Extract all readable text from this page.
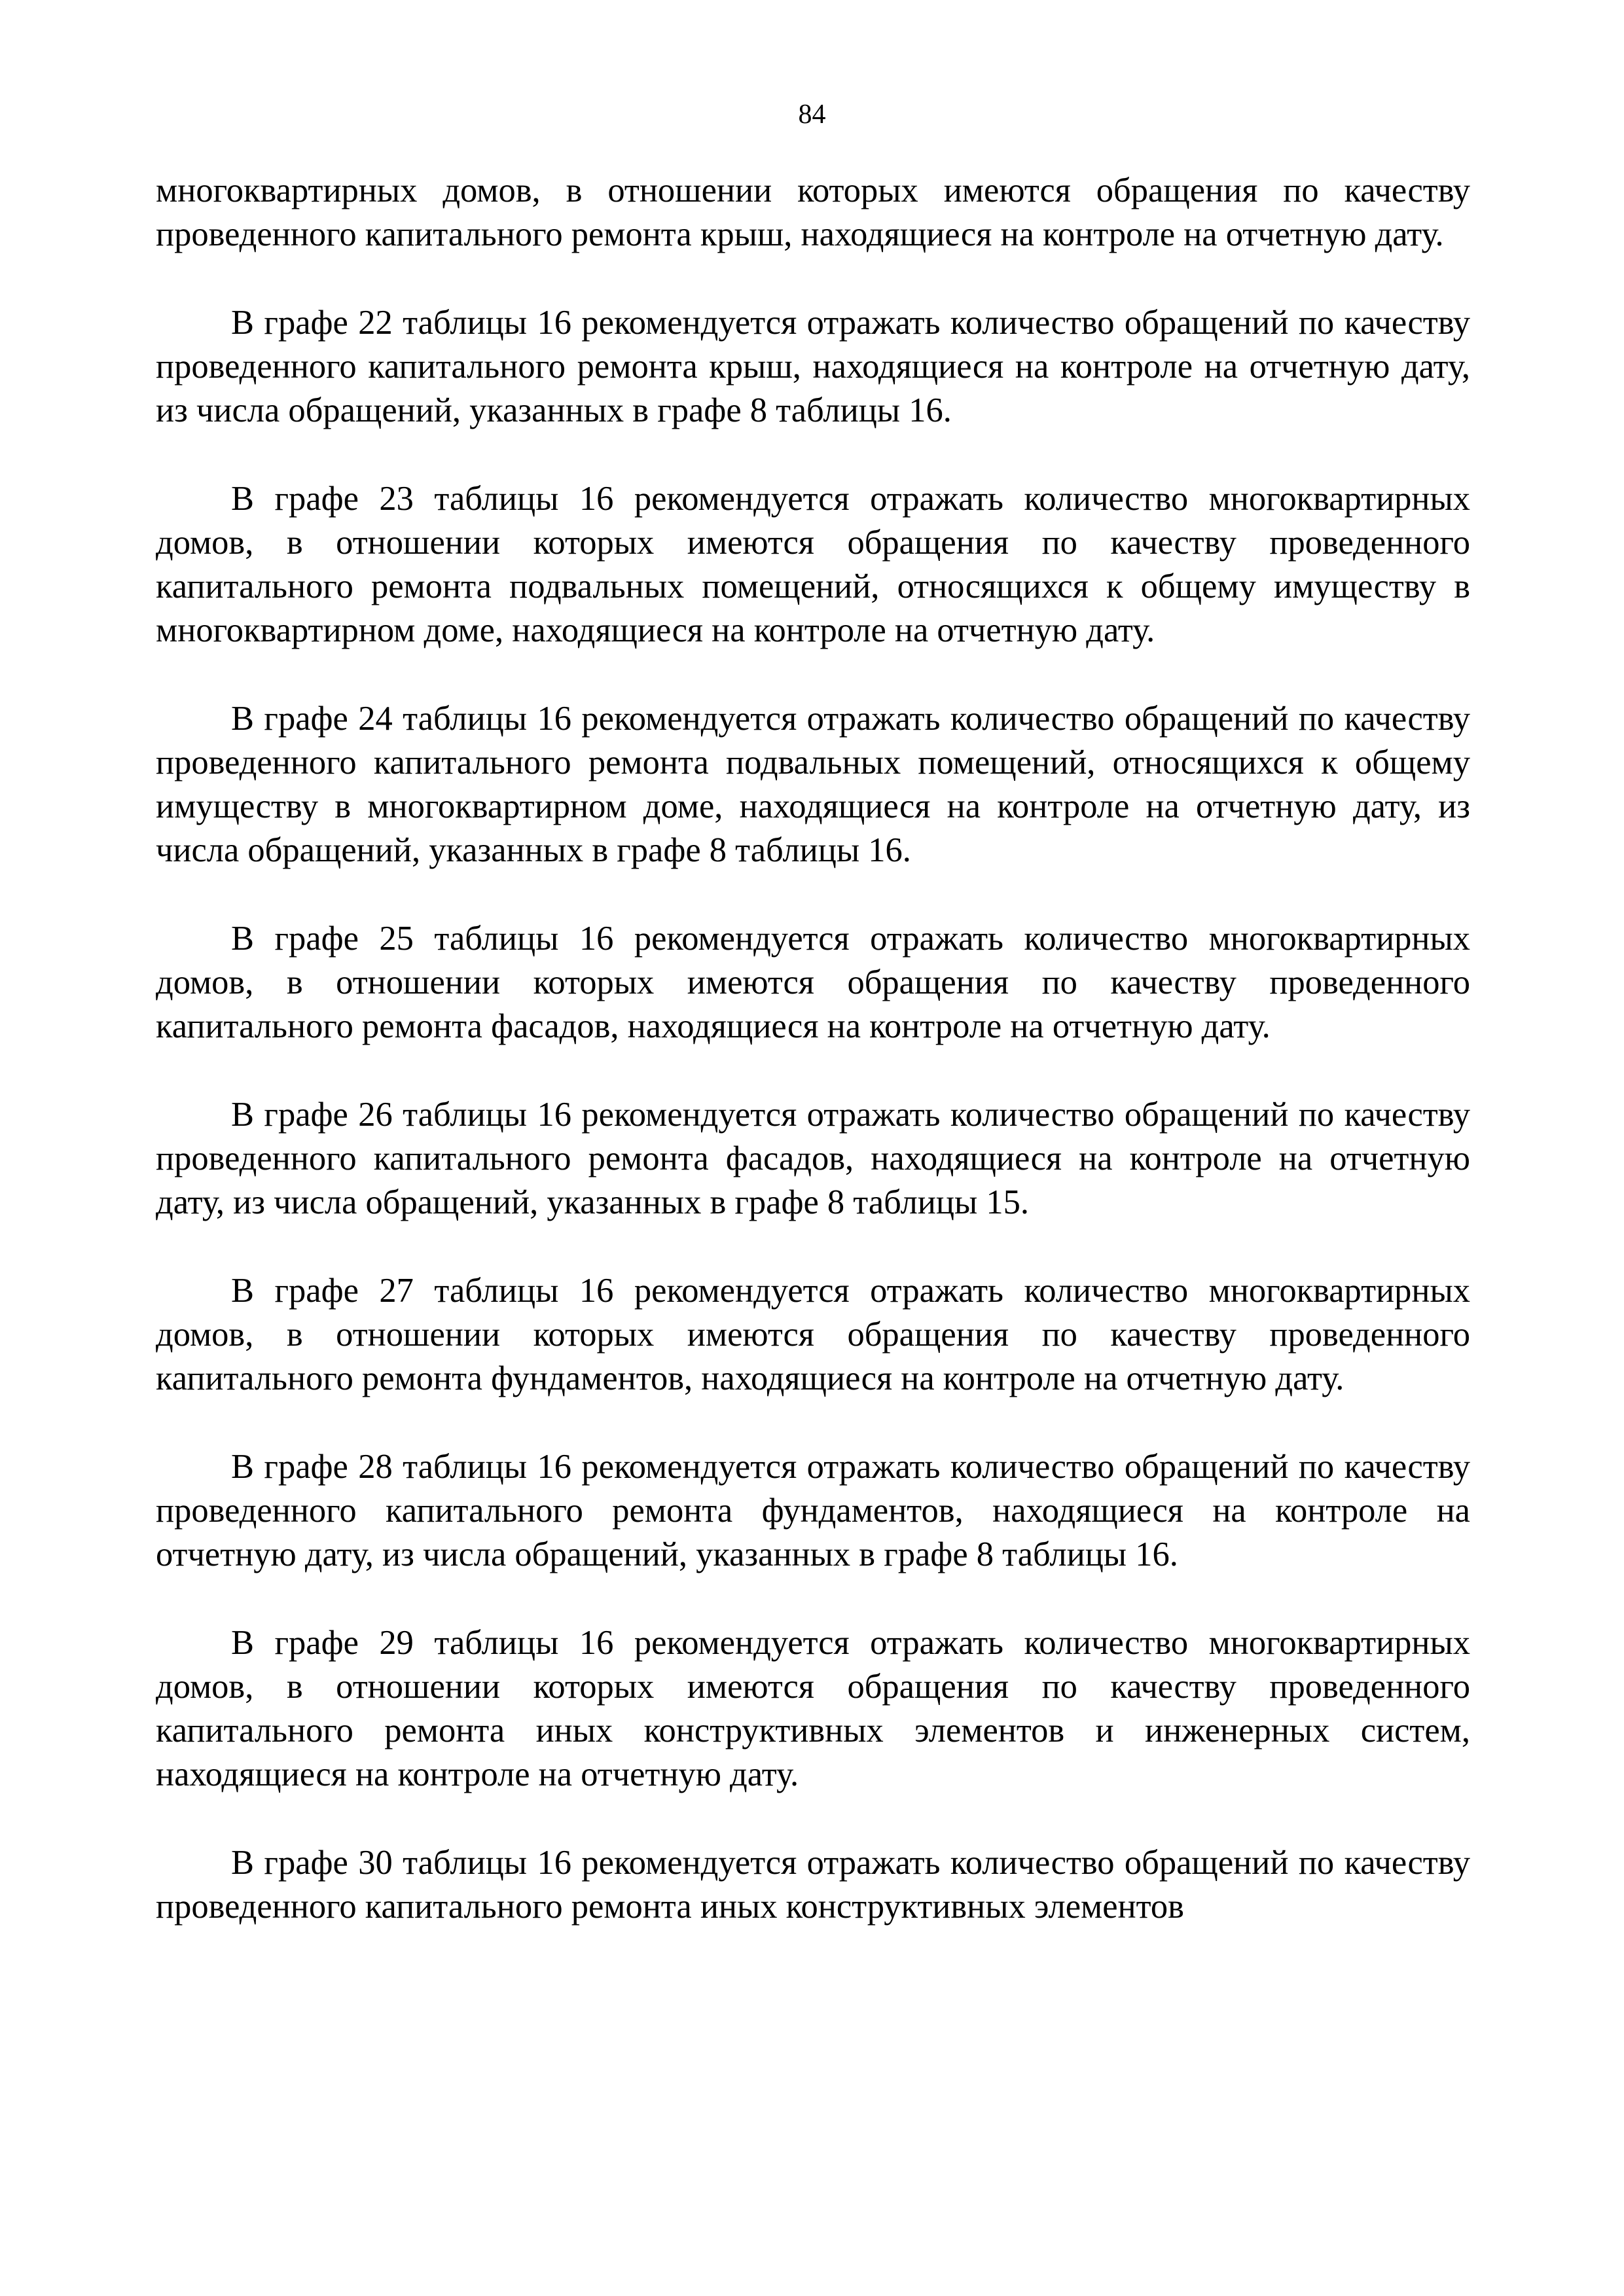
84

многоквартирных домов, в отношении которых имеются обращения по качеству проведенного капитального ремонта крыш, находящиеся на контроле на отчетную дату.

В графе 22 таблицы 16 рекомендуется отражать количество обращений по качеству проведенного капитального ремонта крыш, находящиеся на контроле на отчетную дату, из числа обращений, указанных в графе 8 таблицы 16.

В графе 23 таблицы 16 рекомендуется отражать количество многоквартирных домов, в отношении которых имеются обращения по качеству проведенного капитального ремонта подвальных помещений, относящихся к общему имуществу в многоквартирном доме, находящиеся на контроле на отчетную дату.

В графе 24 таблицы 16 рекомендуется отражать количество обращений по качеству проведенного капитального ремонта подвальных помещений, относящихся к общему имуществу в многоквартирном доме, находящиеся на контроле на отчетную дату, из числа обращений, указанных в графе 8 таблицы 16.

В графе 25 таблицы 16 рекомендуется отражать количество многоквартирных домов, в отношении которых имеются обращения по качеству проведенного капитального ремонта фасадов, находящиеся на контроле на отчетную дату.

В графе 26 таблицы 16 рекомендуется отражать количество обращений по качеству проведенного капитального ремонта фасадов, находящиеся на контроле на отчетную дату, из числа обращений, указанных в графе 8 таблицы 15.

В графе 27 таблицы 16 рекомендуется отражать количество многоквартирных домов, в отношении которых имеются обращения по качеству проведенного капитального ремонта фундаментов, находящиеся на контроле на отчетную дату.

В графе 28 таблицы 16 рекомендуется отражать количество обращений по качеству проведенного капитального ремонта фундаментов, находящиеся на контроле на отчетную дату, из числа обращений, указанных в графе 8 таблицы 16.

В графе 29 таблицы 16 рекомендуется отражать количество многоквартирных домов, в отношении которых имеются обращения по качеству проведенного капитального ремонта иных конструктивных элементов и инженерных систем, находящиеся на контроле на отчетную дату.

В графе 30 таблицы 16 рекомендуется отражать количество обращений по качеству проведенного капитального ремонта иных конструктивных элементов
